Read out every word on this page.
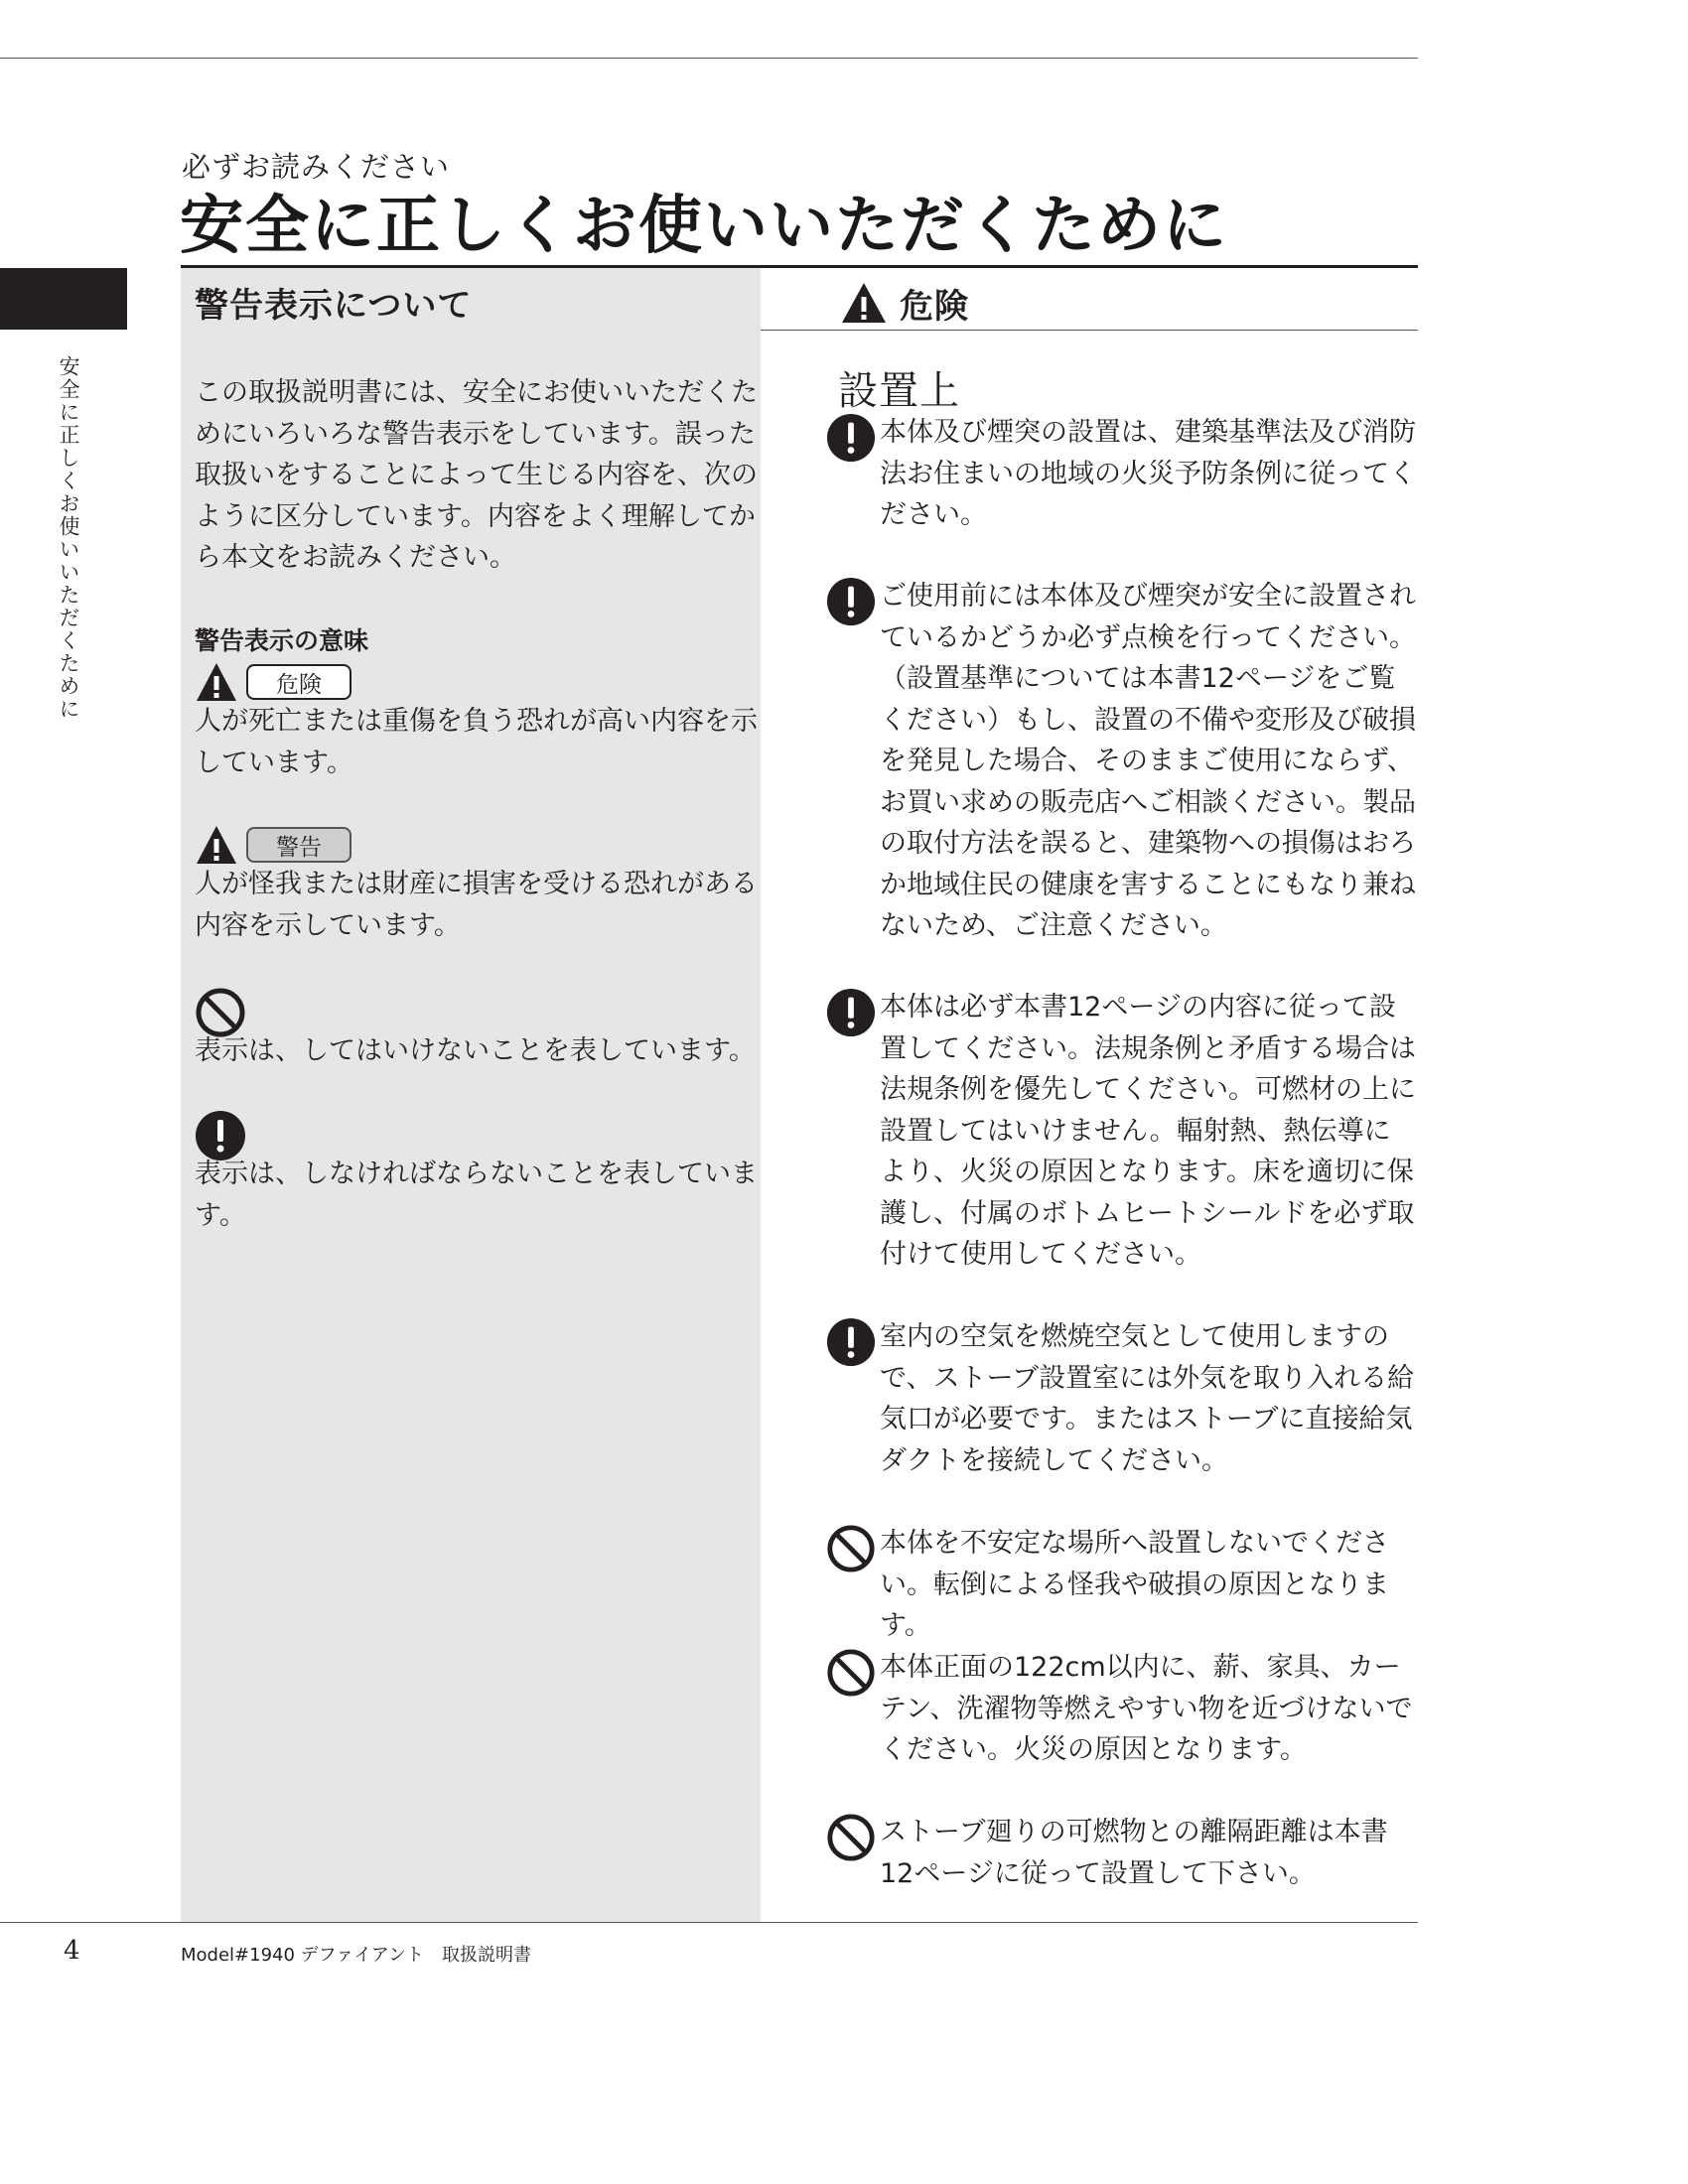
必ずお読みください
安全に正しくお使いいただくために
安全に正しくお使いいただくために
警告表示について
この取扱説明書には、安全にお使いいただくためにいろいろな警告表示をしています。誤った取扱いをすることによって生じる内容を、次のように区分しています。内容をよく理解してから本文をお読みください。
警告表示の意味
危険
人が死亡または重傷を負う恐れが高い内容を示しています。
警告
人が怪我または財産に損害を受ける恐れがある内容を示しています。
表示は、してはいけないことを表しています。
表示は、しなければならないことを表しています。
危険
設置上
本体及び煙突の設置は、建築基準法及び消防法お住まいの地域の火災予防条例に従ってください。
ご使用前には本体及び煙突が安全に設置されているかどうか必ず点検を行ってください。（設置基準については本書12ページをご覧ください）もし、設置の不備や変形及び破損を発見した場合、そのままご使用にならず、お買い求めの販売店へご相談ください。製品の取付方法を誤ると、建築物への損傷はおろか地域住民の健康を害することにもなり兼ねないため、ご注意ください。
本体は必ず本書12ページの内容に従って設置してください。法規条例と矛盾する場合は法規条例を優先してください。可燃材の上に設置してはいけません。輻射熱、熱伝導により、火災の原因となります。床を適切に保護し、付属のボトムヒートシールドを必ず取付けて使用してください。
室内の空気を燃焼空気として使用しますので、ストーブ設置室には外気を取り入れる給気口が必要です。またはストーブに直接給気ダクトを接続してください。
本体を不安定な場所へ設置しないでください。転倒による怪我や破損の原因となります。
本体正面の122cm以内に、薪、家具、カーテン、洗濯物等燃えやすい物を近づけないでください。火災の原因となります。
ストーブ廻りの可燃物との離隔距離は本書12ページに従って設置して下さい。
4	Model#1940 デファイアント　取扱説明書
